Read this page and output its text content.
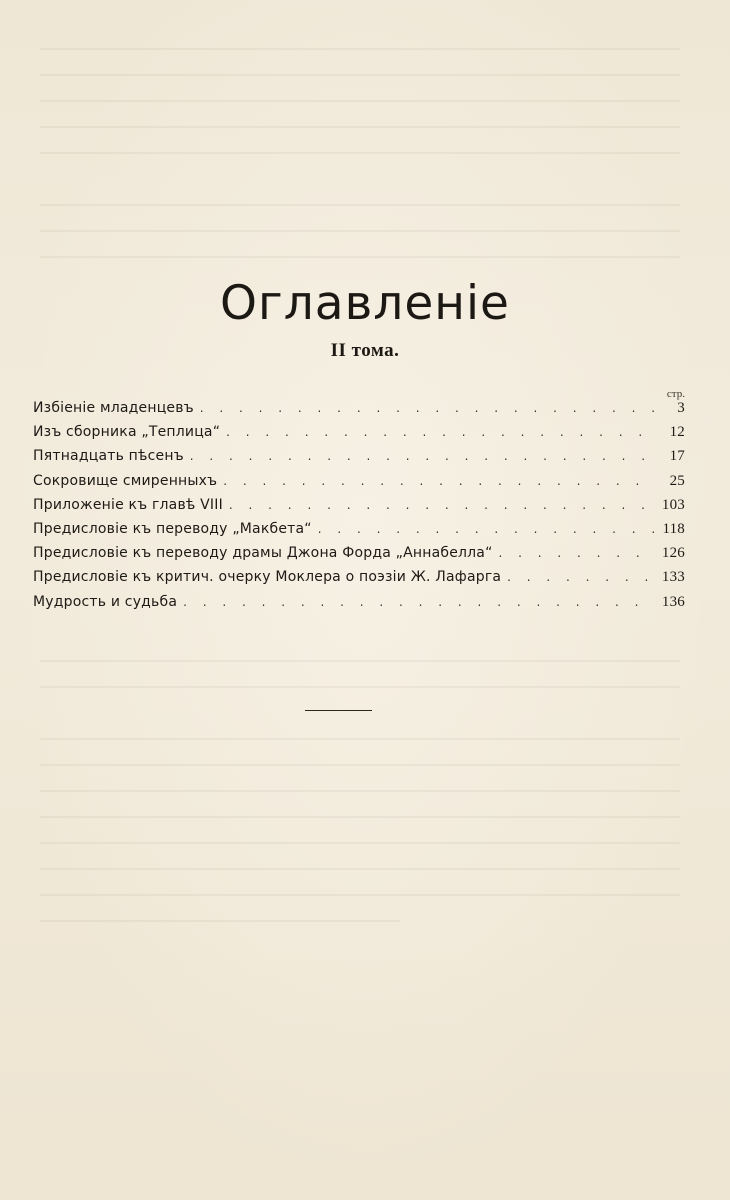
Оглавленіе
II тома.
стр.
Избіеніе младенцевъ . . .	3
Изъ сборника „Теплица“ . . .	12
Пятнадцать пѣсенъ . . .	17
Сокровище смиренныхъ . . .	25
Приложеніе къ главѣ VIII . . .	103
Предисловіе къ переводу „Макбета“ . . .	118
Предисловіе къ переводу драмы Джона Форда „Аннабелла“ . . .	126
Предисловіе къ критич. очерку Моклера о поэзіи Ж. Лафарга . . .	133
Мудрость и судьба . . .	136
